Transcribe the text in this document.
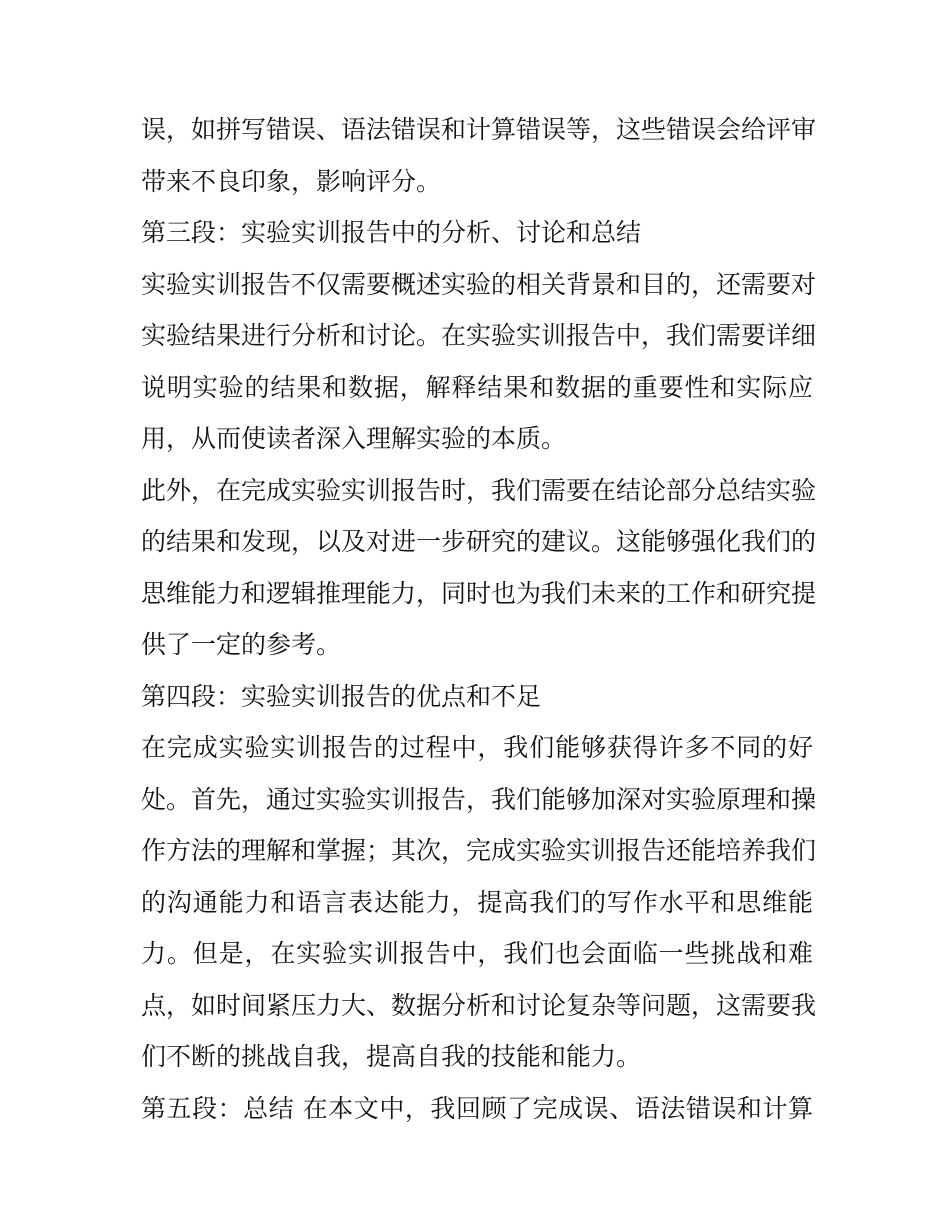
误，如拼写错误、语法错误和计算错误等，这些错误会给评审
带来不良印象，影响评分。
第三段：实验实训报告中的分析、讨论和总结
实验实训报告不仅需要概述实验的相关背景和目的，还需要对
实验结果进行分析和讨论。在实验实训报告中，我们需要详细
说明实验的结果和数据，解释结果和数据的重要性和实际应
用，从而使读者深入理解实验的本质。
此外，在完成实验实训报告时，我们需要在结论部分总结实验
的结果和发现，以及对进一步研究的建议。这能够强化我们的
思维能力和逻辑推理能力，同时也为我们未来的工作和研究提
供了一定的参考。
第四段：实验实训报告的优点和不足
在完成实验实训报告的过程中，我们能够获得许多不同的好
处。首先，通过实验实训报告，我们能够加深对实验原理和操
作方法的理解和掌握；其次，完成实验实训报告还能培养我们
的沟通能力和语言表达能力，提高我们的写作水平和思维能
力。但是，在实验实训报告中，我们也会面临一些挑战和难
点，如时间紧压力大、数据分析和讨论复杂等问题，这需要我
们不断的挑战自我，提高自我的技能和能力。
第五段：总结 在本文中，我回顾了完成误、语法错误和计算
